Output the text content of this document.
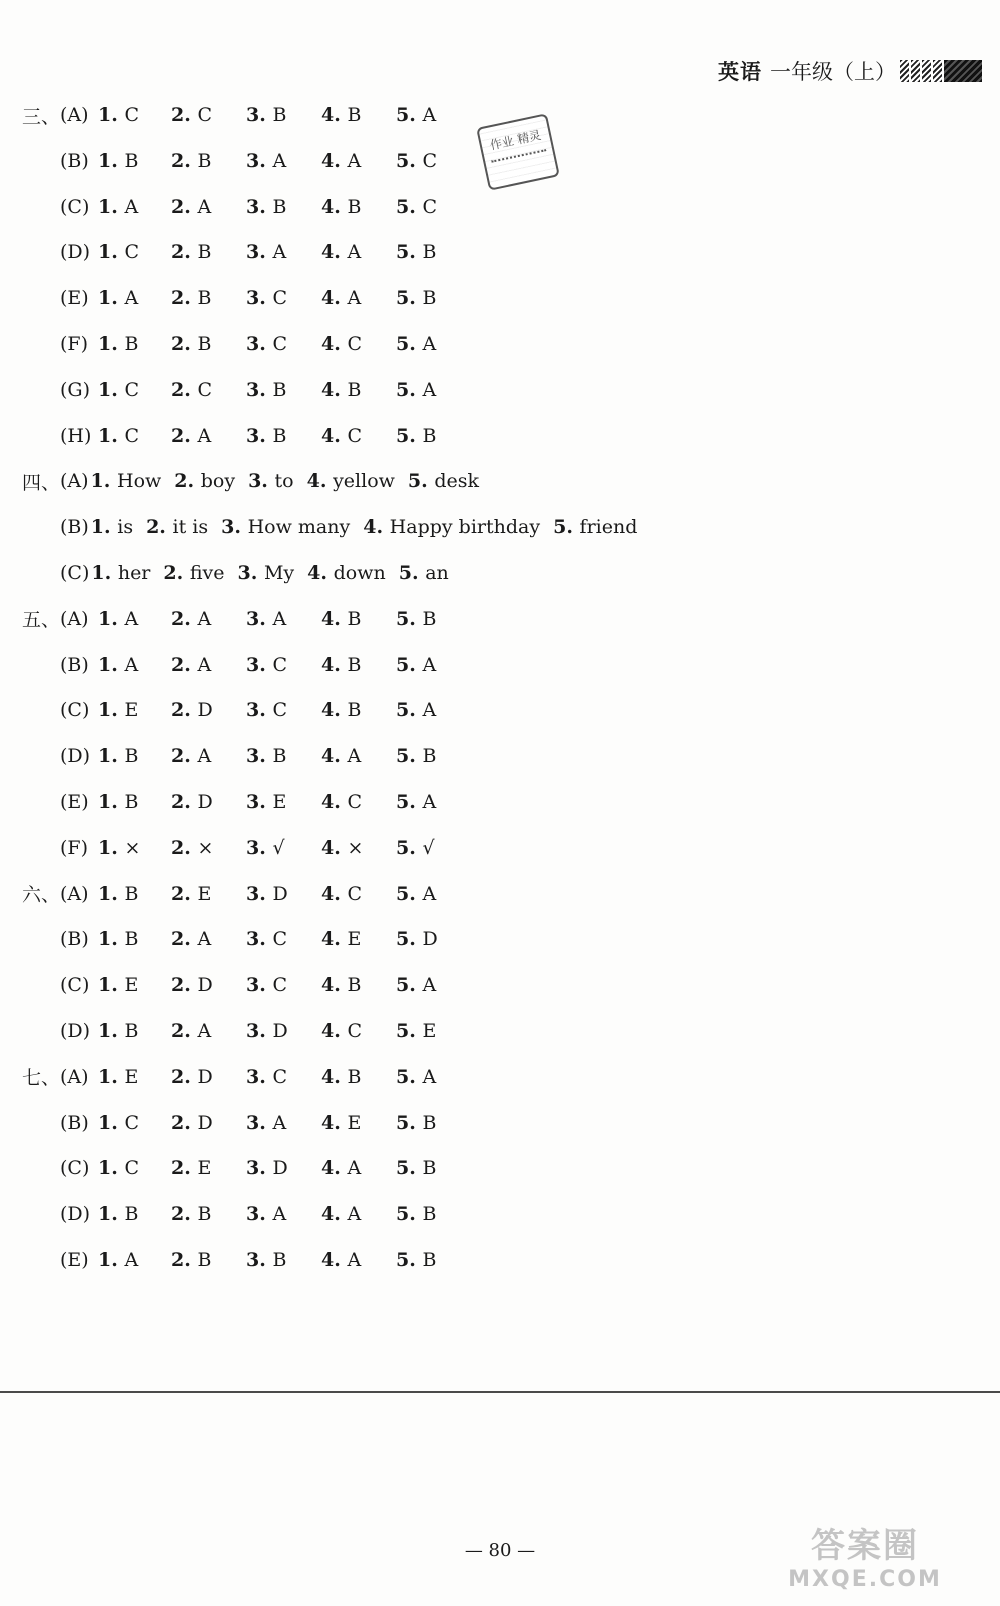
英语 一年级（上）
作业 精灵
三、 (A) 1. C 2. C 3. B 4. B 5. A
(B) 1. B 2. B 3. A 4. A 5. C
(C) 1. A 2. A 3. B 4. B 5. C
(D) 1. C 2. B 3. A 4. A 5. B
(E) 1. A 2. B 3. C 4. A 5. B
(F) 1. B 2. B 3. C 4. C 5. A
(G) 1. C 2. C 3. B 4. B 5. A
(H) 1. C 2. A 3. B 4. C 5. B
四、 (A) 1. How 2. boy 3. to 4. yellow 5. desk
(B) 1. is 2. it is 3. How many 4. Happy birthday 5. friend
(C) 1. her 2. five 3. My 4. down 5. an
五、 (A) 1. A 2. A 3. A 4. B 5. B
(B) 1. A 2. A 3. C 4. B 5. A
(C) 1. E 2. D 3. C 4. B 5. A
(D) 1. B 2. A 3. B 4. A 5. B
(E) 1. B 2. D 3. E 4. C 5. A
(F) 1. × 2. × 3. √ 4. × 5. √
六、 (A) 1. B 2. E 3. D 4. C 5. A
(B) 1. B 2. A 3. C 4. E 5. D
(C) 1. E 2. D 3. C 4. B 5. A
(D) 1. B 2. A 3. D 4. C 5. E
七、 (A) 1. E 2. D 3. C 4. B 5. A
(B) 1. C 2. D 3. A 4. E 5. B
(C) 1. C 2. E 3. D 4. A 5. B
(D) 1. B 2. B 3. A 4. A 5. B
(E) 1. A 2. B 3. B 4. A 5. B
— 80 —	答案圈
MXQE.COM
